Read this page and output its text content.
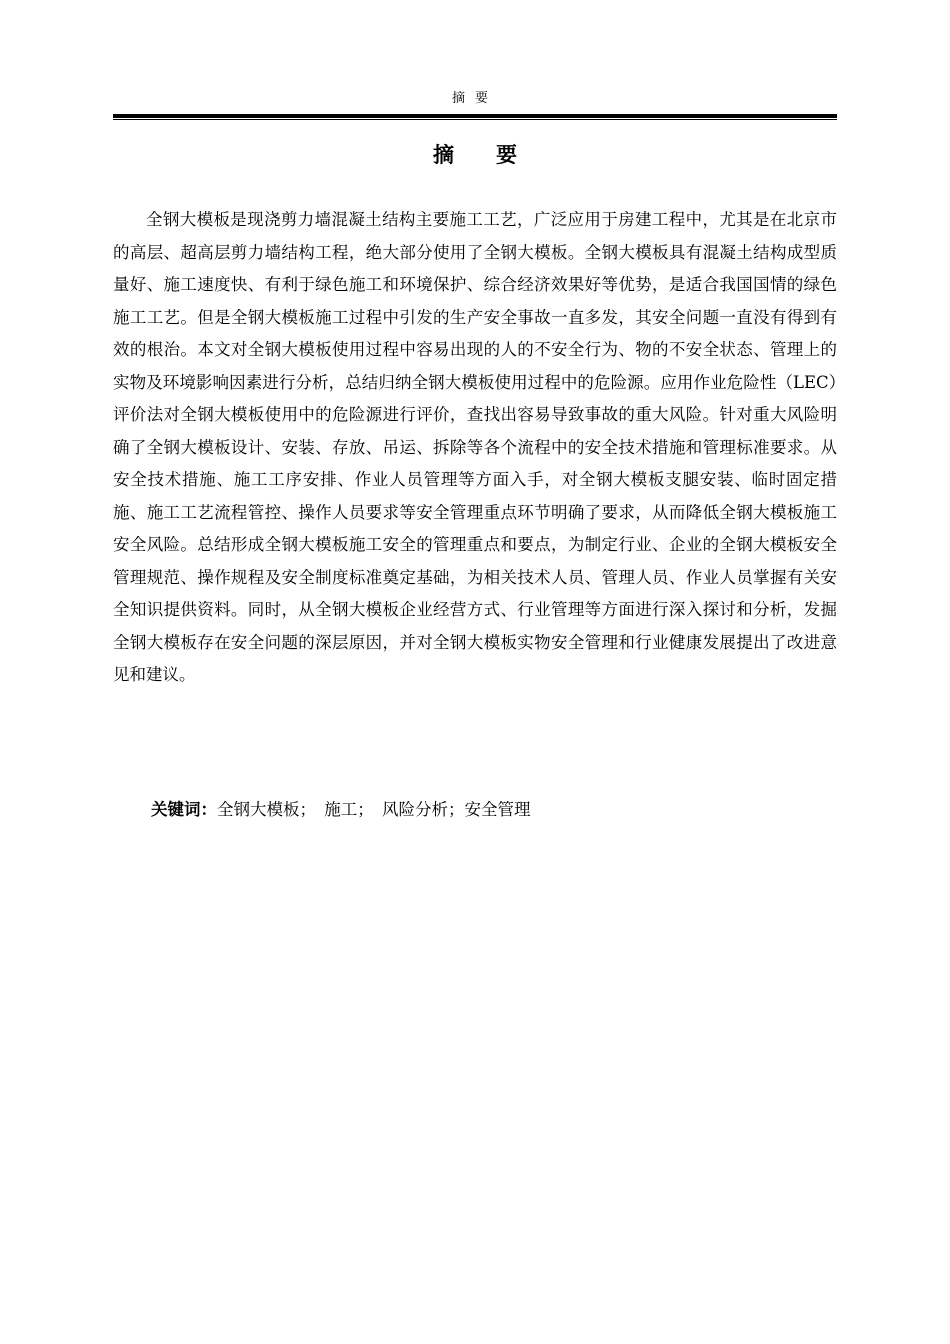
摘要
摘要

全钢大模板是现浇剪力墙混凝土结构主要施工工艺，广泛应用于房建工程中，尤其是在北京市的高层、超高层剪力墙结构工程，绝大部分使用了全钢大模板。全钢大模板具有混凝土结构成型质量好、施工速度快、有利于绿色施工和环境保护、综合经济效果好等优势，是适合我国国情的绿色施工工艺。但是全钢大模板施工过程中引发的生产安全事故一直多发，其安全问题一直没有得到有效的根治。本文对全钢大模板使用过程中容易出现的人的不安全行为、物的不安全状态、管理上的实物及环境影响因素进行分析，总结归纳全钢大模板使用过程中的危险源。应用作业危险性（LEC）评价法对全钢大模板使用中的危险源进行评价，查找出容易导致事故的重大风险。针对重大风险明确了全钢大模板设计、安装、存放、吊运、拆除等各个流程中的安全技术措施和管理标准要求。从安全技术措施、施工工序安排、作业人员管理等方面入手，对全钢大模板支腿安装、临时固定措施、施工工艺流程管控、操作人员要求等安全管理重点环节明确了要求，从而降低全钢大模板施工安全风险。总结形成全钢大模板施工安全的管理重点和要点，为制定行业、企业的全钢大模板安全管理规范、操作规程及安全制度标准奠定基础，为相关技术人员、管理人员、作业人员掌握有关安全知识提供资料。同时，从全钢大模板企业经营方式、行业管理等方面进行深入探讨和分析，发掘全钢大模板存在安全问题的深层原因，并对全钢大模板实物安全管理和行业健康发展提出了改进意见和建议。

关键词：全钢大模板；　施工；　风险分析；安全管理
